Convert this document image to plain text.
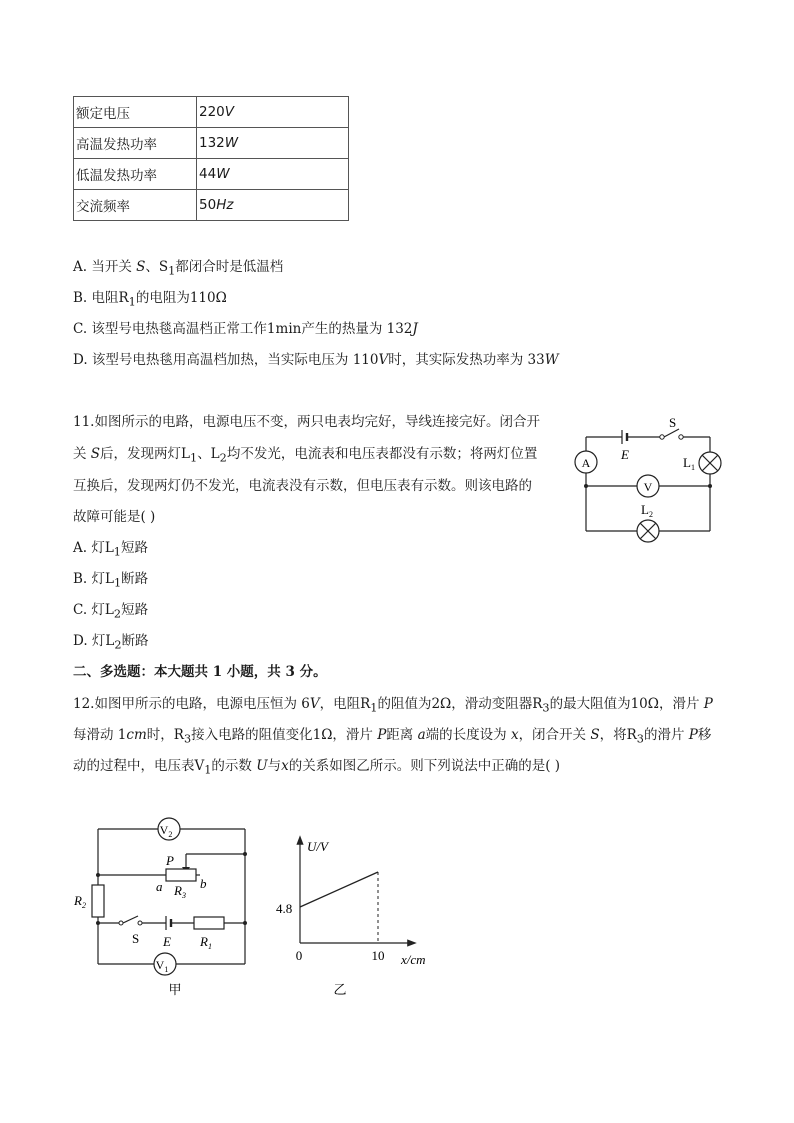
额定电压	220V
高温发热功率	132W
低温发热功率	44W
交流频率	50Hz
A. 当开关 S、$S_1$都闭合时是低温档
B. 电阻$R_1$的电阻为110Ω
C. 该型号电热毯高温档正常工作1min产生的热量为 132J
D. 该型号电热毯用高温档加热，当实际电压为 110V时，其实际发热功率为 33W
11.如图所示的电路，电源电压不变，两只电表均完好，导线连接完好。闭合开
关 S后，发现两灯$L_1$、$L_2$均不发光，电流表和电压表都没有示数；将两灯位置
互换后，发现两灯仍不发光，电流表没有示数，但电压表有示数。则该电路的
故障可能是( )
A. 灯$L_1$短路
B. 灯$L_1$断路
C. 灯$L_2$短路
D. 灯$L_2$断路
A
V
S
E
$L_1$
$L_2$
二、多选题：本大题共 1 小题，共 3 分。
12.如图甲所示的电路，电源电压恒为 6V，电阻$R_1$的阻值为2Ω，滑动变阻器$R_3$的最大阻值为10Ω，滑片 P
每滑动 1cm时，$R_3$接入电路的阻值变化1Ω，滑片 P距离 a端的长度设为 x，闭合开关 S，将$R_3$的滑片 P移
动的过程中，电压表$V_1$的示数 U与x的关系如图乙所示。则下列说法中正确的是( )
$V_2$
$V_1$
P
a	b
$R_3$
$R_2$
$R_1$
S E
甲
U/V
x/cm
4.8
0	10
乙
